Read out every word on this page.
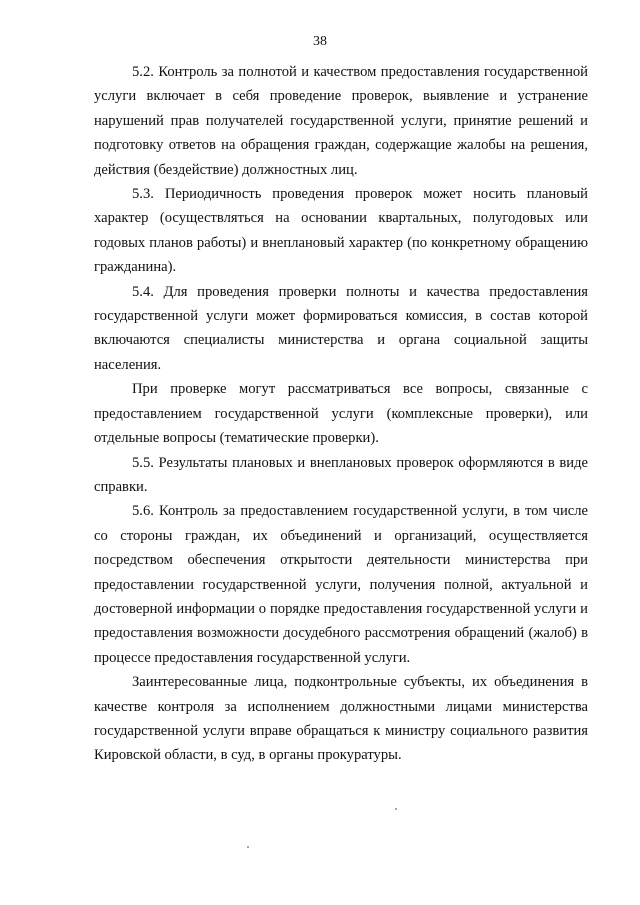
38

5.2. Контроль за полнотой и качеством предоставления государственной услуги включает в себя проведение проверок, выявление и устранение нарушений прав получателей государственной услуги, принятие решений и подготовку ответов на обращения граждан, содержащие жалобы на решения, действия (бездействие) должностных лиц.

5.3. Периодичность проведения проверок может носить плановый характер (осуществляться на основании квартальных, полугодовых или годовых планов работы) и внеплановый характер (по конкретному обращению гражданина).

5.4. Для проведения проверки полноты и качества предоставления государственной услуги может формироваться комиссия, в состав которой включаются специалисты министерства и органа социальной защиты населения.

При проверке могут рассматриваться все вопросы, связанные с предоставлением государственной услуги (комплексные проверки), или отдельные вопросы (тематические проверки).

5.5. Результаты плановых и внеплановых проверок оформляются в виде справки.

5.6. Контроль за предоставлением государственной услуги, в том числе со стороны граждан, их объединений и организаций, осуществляется посредством обеспечения открытости деятельности министерства при предоставлении государственной услуги, получения полной, актуальной и достоверной информации о порядке предоставления государственной услуги и предоставления возможности досудебного рассмотрения обращений (жалоб) в процессе предоставления государственной услуги.

Заинтересованные лица, подконтрольные субъекты, их объединения в качестве контроля за исполнением должностными лицами министерства государственной услуги вправе обращаться к министру социального развития Кировской области, в суд, в органы прокуратуры.
